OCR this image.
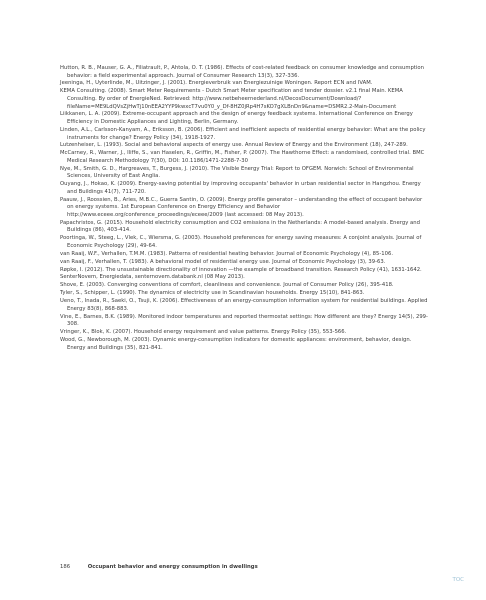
Hutton, R. B., Mauser, G. A., Filiatrault, P., Ahtola, O. T. (1986). Effects of cost-related feedback on consumer knowledge and consumption behavior: a field experimental approach. Journal of Consumer Research 13(3), 327-336.

Jeeninga, H., Uyterlinde, M., Uitzinger, J. (2001). Energieverbruik van Energiezuinige Woningen. Report ECN and IVAM.

KEMA Consulting. (2008). Smart Meter Requirements - Dutch Smart Meter specification and tender dossier. v2.1 final Main. KEMA Consulting. By order of EnergieNed. Retrieved: http://www.netbeheernederland.nl/DecosDocument/Download/?fileName=ME9LdQVsZjHwTj10nEEA2YYP9kwxcT7vu0Y0_y_Df-8HZ0jRp4H7sKO7gXLBnDn9&name=DSMR2.2-Main-Document

Liikkanen, L. A. (2009). Extreme-occupant approach and the design of energy feedback systems. International Conference on Energy Efficiency in Domestic Appliances and Lighting, Berlin, Germany.

Linden, A.L., Carlsson-Kanyam, A., Eriksson, B. (2006). Efficient and inefficient aspects of residential energy behavior: What are the policy instruments for change? Energy Policy (34), 1918-1927.

Lutzenheiser, L. (1993). Social and behavioral aspects of energy use. Annual Review of Energy and the Environment (18), 247-289.

McCarney, R., Warner, J., Iliffe, S., van Haselen, R., Griffin, M., Fisher, P. (2007). The Hawthorne Effect: a randomised, controlled trial. BMC Medical Research Methodology 7(30), DOI: 10.1186/1471-2288-7-30

Nye, M., Smith, G. D., Hargreaves, T., Burgess, J. (2010). The Visible Energy Trial: Report to OFGEM. Norwich: School of Environmental Sciences, University of East Anglia.

Ouyang, J., Hokao, K. (2009). Energy-saving potential by improving occupants' behavior in urban residential sector in Hangzhou. Energy and Buildings 41(7), 711-720.

Paauw, J., Roossien, B., Aries, M.B.C., Guerra Santin, O. (2009). Energy profile generator – understanding the effect of occupant behavior on energy systems. 1st European Conference on Energy Efficiency and Behavior http://www.eceee.org/conference_proceedings/eceee/2009 (last accessed: 08 May 2013).

Papachristos, G. (2015). Household electricity consumption and CO2 emissions in the Netherlands: A model-based analysis. Energy and Buildings (86), 403-414.

Poortinga, W., Steeg, L., Vlek, C., Wiersma, G. (2003). Household preferences for energy saving measures: A conjoint analysis. Journal of Economic Psychology (29), 49-64.

van Raaij, W.F., Verhallen, T.M.M. (1983). Patterns of residential heating behavior. Journal of Economic Psychology (4), 85-106.

van Raaij, F., Verhallen, T. (1983). A behavioral model of residential energy use. Journal of Economic Psychology (3), 39-63.

Røpke, I. (2012). The unsustainable directionality of innovation —the example of broadband transition. Research Policy (41), 1631-1642.

SenterNovem, Energiedata, senternovem.databank.nl (08 May 2013).

Shove, E. (2003). Converging conventions of comfort, cleanliness and convenience. Journal of Consumer Policy (26), 395-418.

Tyler, S., Schipper, L. (1990). The dynamics of electricity use in Scandinavian households. Energy 15(10), 841-863.

Ueno, T., Inada, R., Saeki, O., Tsuji, K. (2006). Effectiveness of an energy-consumption information system for residential buildings. Applied Energy 83(8), 868-883.

Vine, E., Barnes, B.K. (1989). Monitored indoor temperatures and reported thermostat settings: How different are they? Energy 14(5), 299-308.

Vringer, K., Blok, K. (2007). Household energy requirement and value patterns. Energy Policy (35), 553-566.

Wood, G., Newborough, M. (2003). Dynamic energy-consumption indicators for domestic appliances: environment, behavior, design. Energy and Buildings (35), 821-841.

186	Occupant behavior and energy consumption in dwellings
TOC
